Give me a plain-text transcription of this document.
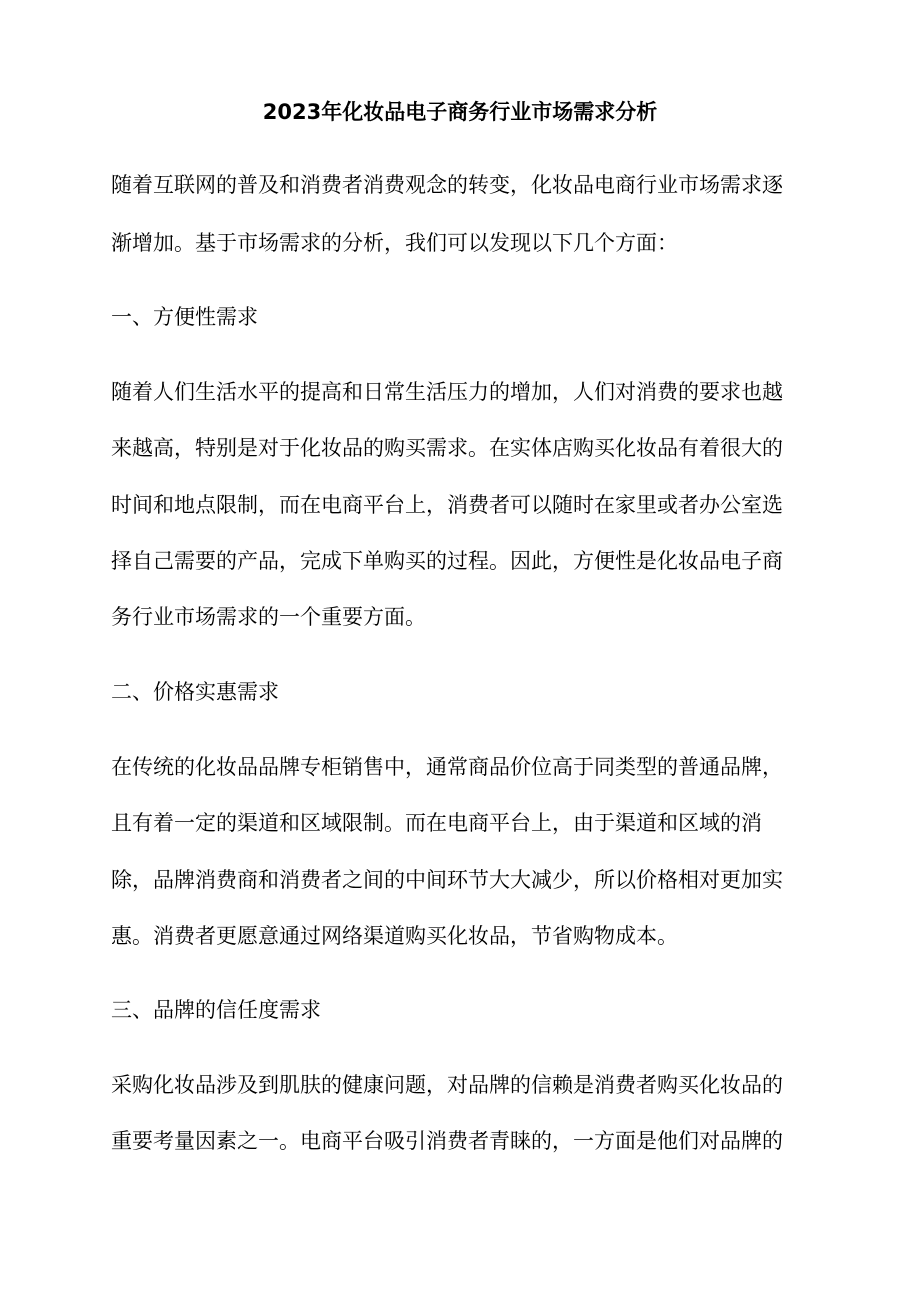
2023年化妆品电子商务行业市场需求分析
随着互联网的普及和消费者消费观念的转变，化妆品电商行业市场需求逐
渐增加。基于市场需求的分析，我们可以发现以下几个方面：
一、方便性需求
随着人们生活水平的提高和日常生活压力的增加，人们对消费的要求也越
来越高，特别是对于化妆品的购买需求。在实体店购买化妆品有着很大的
时间和地点限制，而在电商平台上，消费者可以随时在家里或者办公室选
择自己需要的产品，完成下单购买的过程。因此，方便性是化妆品电子商
务行业市场需求的一个重要方面。
二、价格实惠需求
在传统的化妆品品牌专柜销售中，通常商品价位高于同类型的普通品牌，
且有着一定的渠道和区域限制。而在电商平台上，由于渠道和区域的消
除，品牌消费商和消费者之间的中间环节大大减少，所以价格相对更加实
惠。消费者更愿意通过网络渠道购买化妆品，节省购物成本。
三、品牌的信任度需求
采购化妆品涉及到肌肤的健康问题，对品牌的信赖是消费者购买化妆品的
重要考量因素之一。电商平台吸引消费者青睐的，一方面是他们对品牌的
